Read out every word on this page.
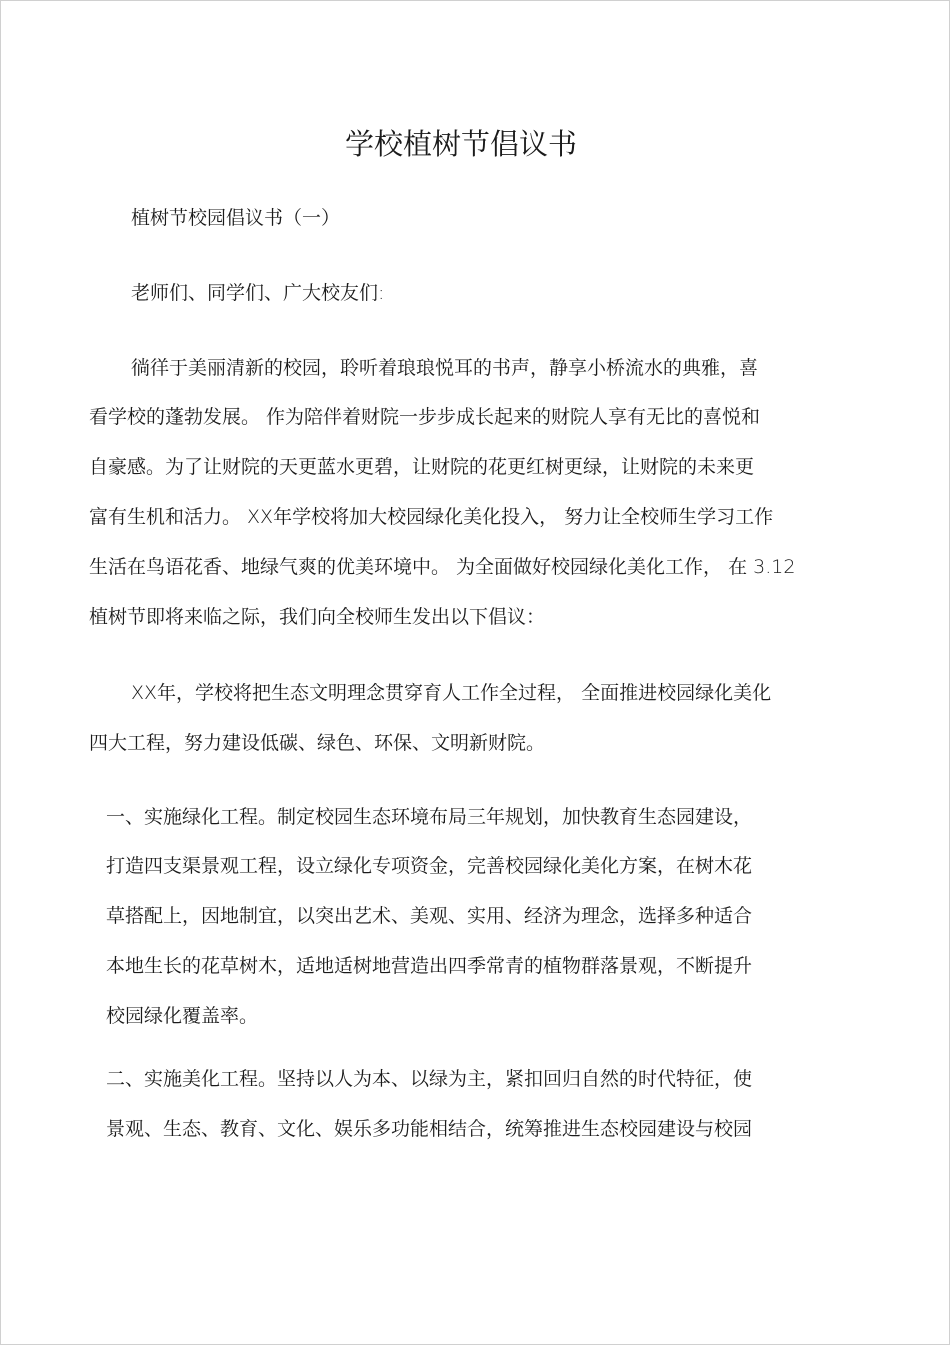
学校植树节倡议书

植树节校园倡议书（一）

老师们、同学们、广大校友们:

徜徉于美丽清新的校园，聆听着琅琅悦耳的书声，静享小桥流水的典雅，喜

看学校的蓬勃发展。 作为陪伴着财院一步步成长起来的财院人享有无比的喜悦和

自豪感。为了让财院的天更蓝水更碧，让财院的花更红树更绿，让财院的未来更

富有生机和活力。 XX年学校将加大校园绿化美化投入， 努力让全校师生学习工作

生活在鸟语花香、地绿气爽的优美环境中。 为全面做好校园绿化美化工作， 在 3.12

植树节即将来临之际，我们向全校师生发出以下倡议：

XX年，学校将把生态文明理念贯穿育人工作全过程， 全面推进校园绿化美化

四大工程，努力建设低碳、绿色、环保、文明新财院。

一、实施绿化工程。制定校园生态环境布局三年规划，加快教育生态园建设，

打造四支渠景观工程，设立绿化专项资金，完善校园绿化美化方案，在树木花

草搭配上，因地制宜，以突出艺术、美观、实用、经济为理念，选择多种适合

本地生长的花草树木，适地适树地营造出四季常青的植物群落景观，不断提升

校园绿化覆盖率。

二、实施美化工程。坚持以人为本、以绿为主，紧扣回归自然的时代特征，使

景观、生态、教育、文化、娱乐多功能相结合，统筹推进生态校园建设与校园
